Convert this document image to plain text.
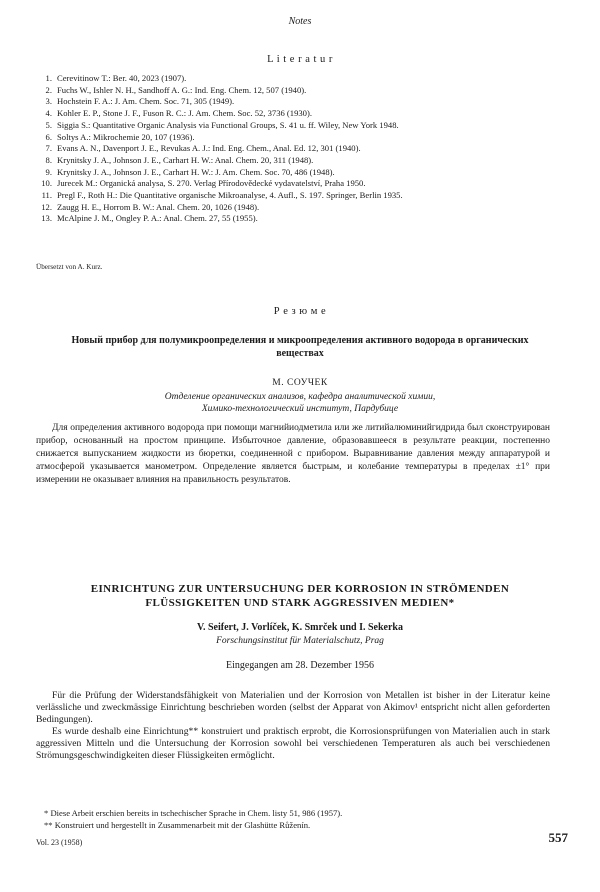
Notes
L i t e r a t u r
1. Cerevitinow T.: Ber. 40, 2023 (1907).
2. Fuchs W., Ishler N. H., Sandhoff A. G.: Ind. Eng. Chem. 12, 507 (1940).
3. Hochstein F. A.: J. Am. Chem. Soc. 71, 305 (1949).
4. Kohler E. P., Stone J. F., Fuson R. C.: J. Am. Chem. Soc. 52, 3736 (1930).
5. Siggia S.: Quantitative Organic Analysis via Functional Groups, S. 41 u. ff. Wiley, New York 1948.
6. Soltys A.: Mikrochemie 20, 107 (1936).
7. Evans A. N., Davenport J. E., Revukas A. J.: Ind. Eng. Chem., Anal. Ed. 12, 301 (1940).
8. Krynitsky J. A., Johnson J. E., Carhart H. W.: Anal. Chem. 20, 311 (1948).
9. Krynitsky J. A., Johnson J. E., Carhart H. W.: J. Am. Chem. Soc. 70, 486 (1948).
10. Jurecek M.: Organická analysa, S. 270. Verlag Přírodovědecké vydavatelství, Praha 1950.
11. Pregl F., Roth H.: Die Quantitative organische Mikroanalyse, 4. Aufl., S. 197. Springer, Berlin 1935.
12. Zaugg H. E., Horrom B. W.: Anal. Chem. 20, 1026 (1948).
13. McAlpine J. M., Ongley P. A.: Anal. Chem. 27, 55 (1955).
Übersetzt von A. Kurz.
Р е з ю м е
Новый прибор для полумикроопределения и микроопределения активного водорода в органических веществах
М. СОУЧЕК
Отделение органических анализов, кафедра аналитической химии,
Химико-технологический институт, Пардубице
Для определения активного водорода при помощи магнийиодметила или же литийалюминийгидрида был сконструирован прибор, основанный на простом принципе. Избыточное давление, образовавшееся в результате реакции, постепенно снижается выпусканием жидкости из бюретки, соединенной с прибором. Выравнивание давления между аппаратурой и атмосферой указывается манометром. Определение является быстрым, и колебание температуры в пределах ±1° при измерении не оказывает влияния на правильность результатов.
EINRICHTUNG ZUR UNTERSUCHUNG DER KORROSION IN STRÖMENDEN
FLÜSSIGKEITEN UND STARK AGGRESSIVEN MEDIEN*
V. Seifert, J. Vorlíček, K. Smrček und I. Sekerka
Forschungsinstitut für Materialschutz, Prag
Eingegangen am 28. Dezember 1956

Für die Prüfung der Widerstandsfähigkeit von Materialien und der Korrosion von Metallen ist bisher in der Literatur keine verlässliche und zweckmässige Einrichtung beschrieben worden (selbst der Apparat von Akimov¹ entspricht nicht allen geforderten Bedingungen).

Es wurde deshalb eine Einrichtung** konstruiert und praktisch erprobt, die Korrosionsprüfungen von Materialien auch in stark aggressiven Mitteln und die Untersuchung der Korrosion sowohl bei verschiedenen Temperaturen als auch bei verschiedenen Strömungsgeschwindigkeiten dieser Flüssigkeiten ermöglicht.

* Diese Arbeit erschien bereits in tschechischer Sprache in Chem. listy 51, 986 (1957).
** Konstruiert und hergestellt in Zusammenarbeit mit der Glashütte Růženín.
Vol. 23 (1958)	557
